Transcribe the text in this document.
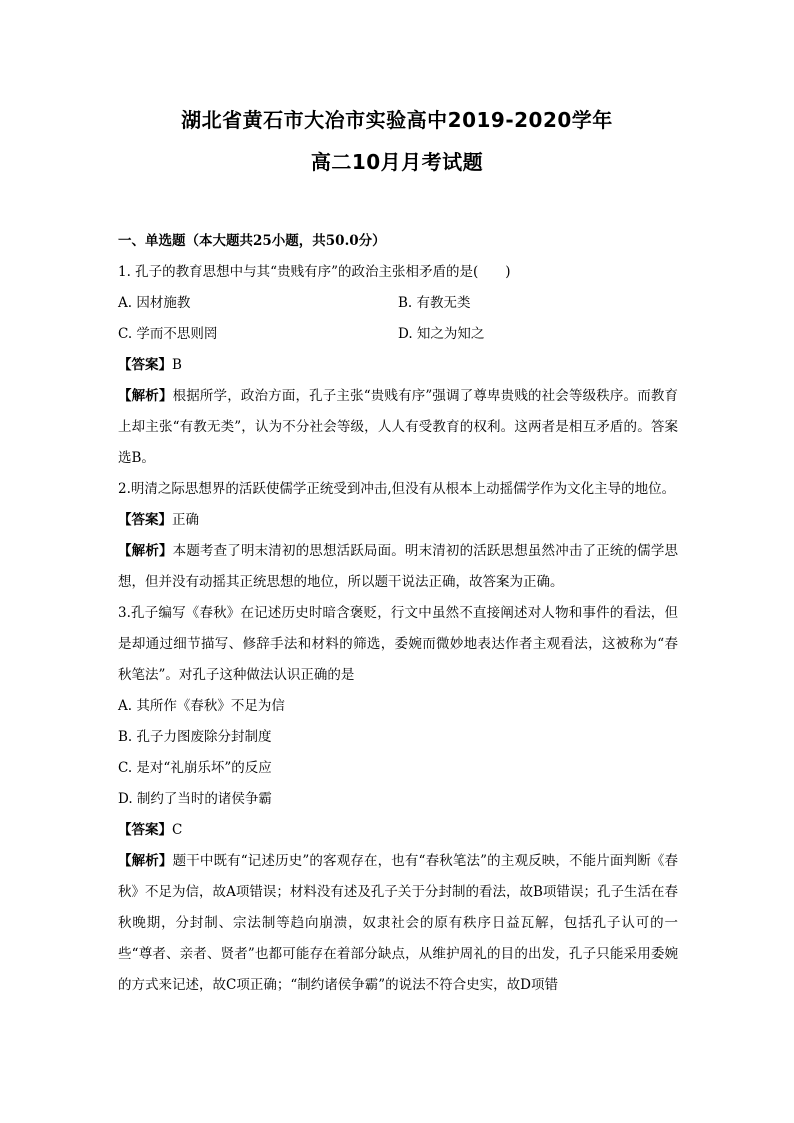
湖北省黄石市大冶市实验高中2019-2020学年
高二10月月考试题
一、单选题（本大题共25小题，共50.0分）
1. 孔子的教育思想中与其“贵贱有序”的政治主张相矛盾的是(　　)
A. 因材施教	B. 有教无类
C. 学而不思则罔	D. 知之为知之
【答案】B
【解析】根据所学，政治方面，孔子主张“贵贱有序”强调了尊卑贵贱的社会等级秩序。而教育上却主张“有教无类”，认为不分社会等级，人人有受教育的权利。这两者是相互矛盾的。答案选B。
2.明清之际思想界的活跃使儒学正统受到冲击,但没有从根本上动摇儒学作为文化主导的地位。
【答案】正确
【解析】本题考查了明末清初的思想活跃局面。明末清初的活跃思想虽然冲击了正统的儒学思想，但并没有动摇其正统思想的地位，所以题干说法正确，故答案为正确。
3.孔子编写《春秋》在记述历史时暗含褒贬，行文中虽然不直接阐述对人物和事件的看法，但是却通过细节描写、修辞手法和材料的筛选，委婉而微妙地表达作者主观看法，这被称为“春秋笔法”。对孔子这种做法认识正确的是
A. 其所作《春秋》不足为信
B. 孔子力图废除分封制度
C. 是对“礼崩乐坏”的反应
D. 制约了当时的诸侯争霸
【答案】C
【解析】题干中既有“记述历史”的客观存在，也有“春秋笔法”的主观反映，不能片面判断《春秋》不足为信，故A项错误；材料没有述及孔子关于分封制的看法，故B项错误；孔子生活在春秋晚期，分封制、宗法制等趋向崩溃，奴隶社会的原有秩序日益瓦解，包括孔子认可的一些“尊者、亲者、贤者”也都可能存在着部分缺点，从维护周礼的目的出发，孔子只能采用委婉的方式来记述，故C项正确；“制约诸侯争霸”的说法不符合史实，故D项错
